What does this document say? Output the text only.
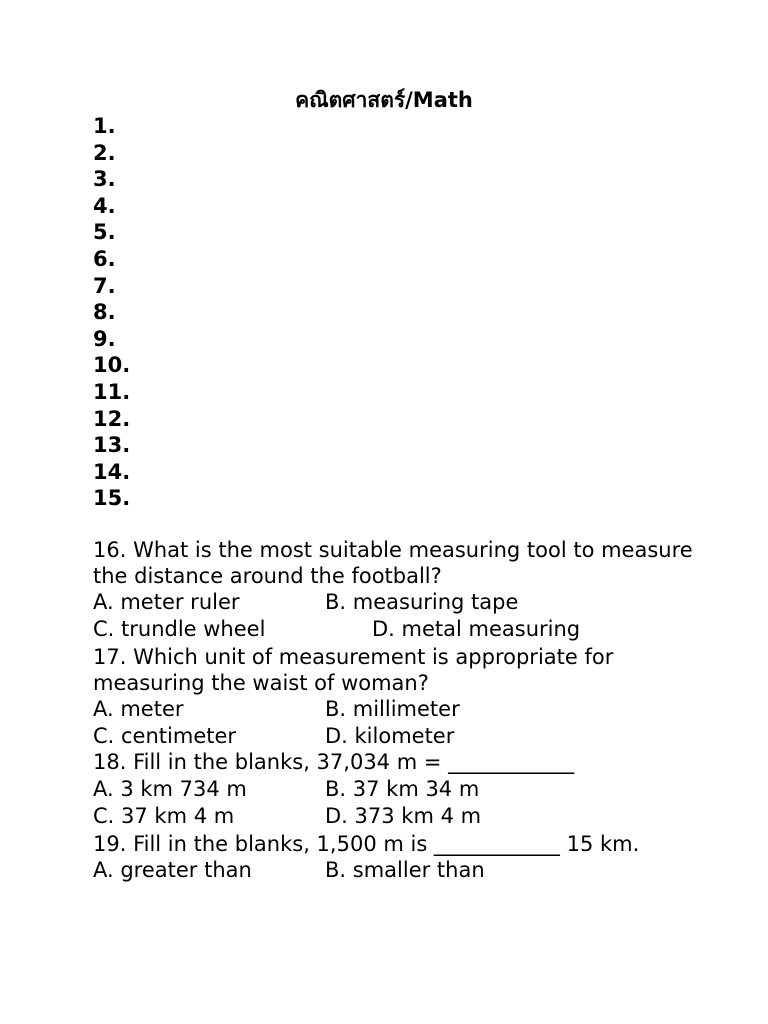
คณิตศาสตร์/Math
1.
2.
3.
4.
5.
6.
7.
8.
9.
10.
11.
12.
13.
14.
15.

16. What is the most suitable measuring tool to measure the distance around the football?

A. meter ruler	B. measuring tape
C. trundle wheel	D. metal measuring

17. Which unit of measurement is appropriate for measuring the waist of woman?

A. meter	B. millimeter
C. centimeter	D. kilometer

18. Fill in the blanks, 37,034 m = ____________

A. 3 km 734 m	B. 37 km 34 m
C. 37 km 4 m	D. 373 km 4 m

19. Fill in the blanks, 1,500 m is ____________ 15 km.

A. greater than	B. smaller than
